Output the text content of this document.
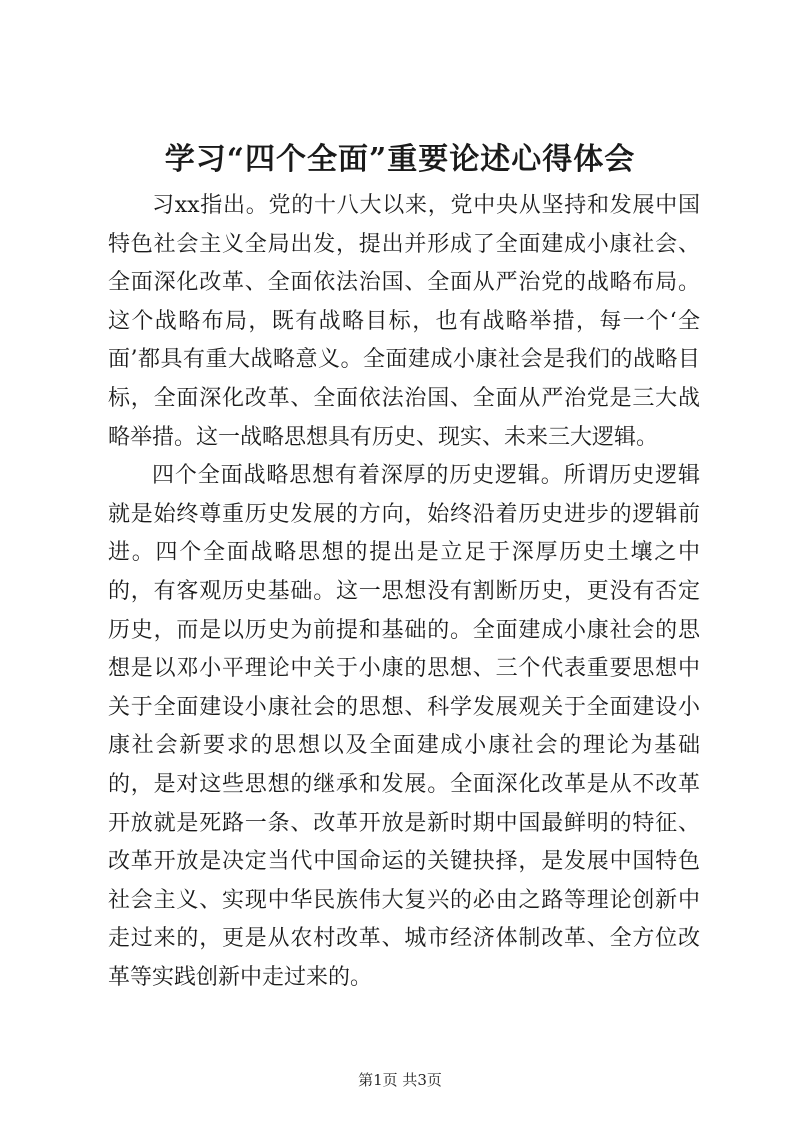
学习“四个全面”重要论述心得体会

习xx指出。党的十八大以来，党中央从坚持和发展中国特色社会主义全局出发，提出并形成了全面建成小康社会、全面深化改革、全面依法治国、全面从严治党的战略布局。这个战略布局，既有战略目标，也有战略举措，每一个‘全面’都具有重大战略意义。全面建成小康社会是我们的战略目标，全面深化改革、全面依法治国、全面从严治党是三大战略举措。这一战略思想具有历史、现实、未来三大逻辑。

四个全面战略思想有着深厚的历史逻辑。所谓历史逻辑就是始终尊重历史发展的方向，始终沿着历史进步的逻辑前进。四个全面战略思想的提出是立足于深厚历史土壤之中的，有客观历史基础。这一思想没有割断历史，更没有否定历史，而是以历史为前提和基础的。全面建成小康社会的思想是以邓小平理论中关于小康的思想、三个代表重要思想中关于全面建设小康社会的思想、科学发展观关于全面建设小康社会新要求的思想以及全面建成小康社会的理论为基础的，是对这些思想的继承和发展。全面深化改革是从不改革开放就是死路一条、改革开放是新时期中国最鲜明的特征、改革开放是决定当代中国命运的关键抉择，是发展中国特色社会主义、实现中华民族伟大复兴的必由之路等理论创新中走过来的，更是从农村改革、城市经济体制改革、全方位改革等实践创新中走过来的。

第1页 共3页
